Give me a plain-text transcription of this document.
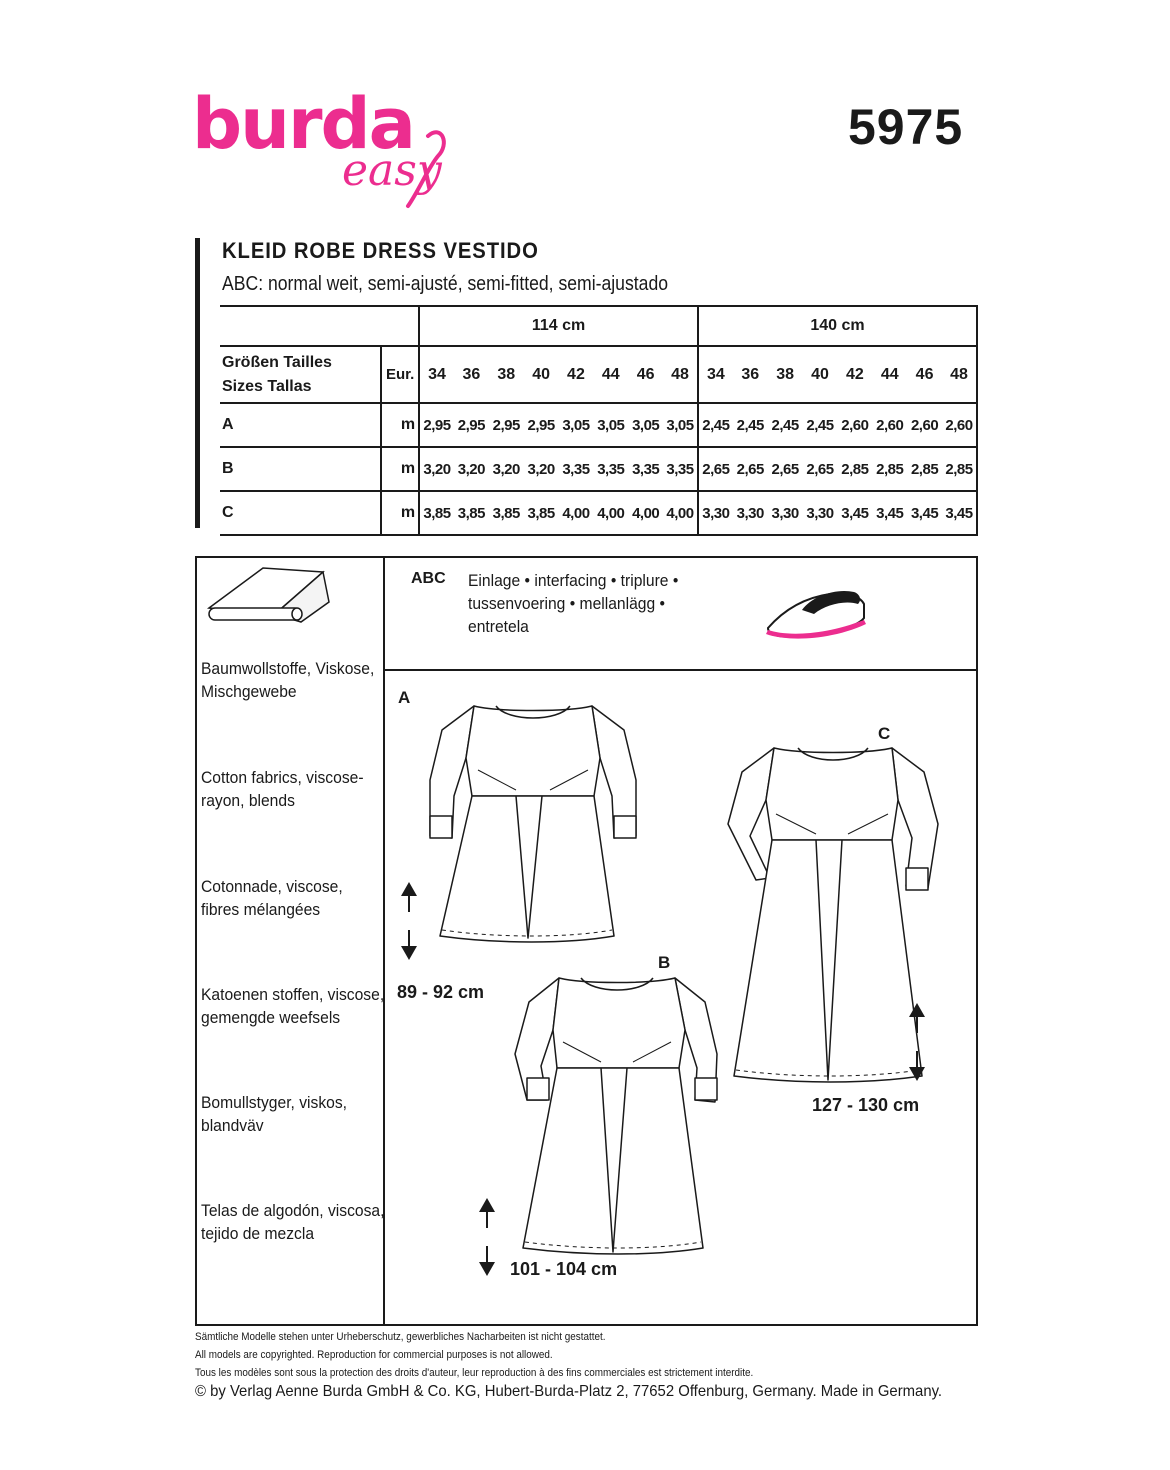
burda
easy
5975
KLEID ROBE DRESS VESTIDO
ABC: normal weit, semi-ajusté, semi-fitted, semi-ajustado
		114 cm								140 cm							

Größen Tailles
Sizes Tallas	Eur.	34	36	38	40	42	44	46	48	34	36	38	40	42	44	46	48
A	m	2,95	2,95	2,95	2,95	3,05	3,05	3,05	3,05	2,45	2,45	2,45	2,45	2,60	2,60	2,60	2,60
B	m	3,20	3,20	3,20	3,20	3,35	3,35	3,35	3,35	2,65	2,65	2,65	2,65	2,85	2,85	2,85	2,85
C	m	3,85	3,85	3,85	3,85	4,00	4,00	4,00	4,00	3,30	3,30	3,30	3,30	3,45	3,45	3,45	3,45
Baumwollstoffe, Viskose, Mischgewebe
Cotton fabrics, viscose-rayon, blends
Cotonnade, viscose, fibres mélangées
Katoenen stoffen, viscose, gemengde weefsels
Bomullstyger, viskos, blandväv
Telas de algodón, viscosa, tejido de mezcla
ABC Einlage • interfacing • triplure •
tussenvoering • mellanlägg •
entretela
A
B
C
89 - 92 cm
101 - 104 cm
127 - 130 cm
Sämtliche Modelle stehen unter Urheberschutz, gewerbliches Nacharbeiten ist nicht gestattet.
All models are copyrighted. Reproduction for commercial purposes is not allowed.
Tous les modèles sont sous la protection des droits d'auteur, leur reproduction à des fins commerciales est strictement interdite.
© by Verlag Aenne Burda GmbH & Co. KG, Hubert-Burda-Platz 2, 77652 Offenburg, Germany. Made in Germany.
